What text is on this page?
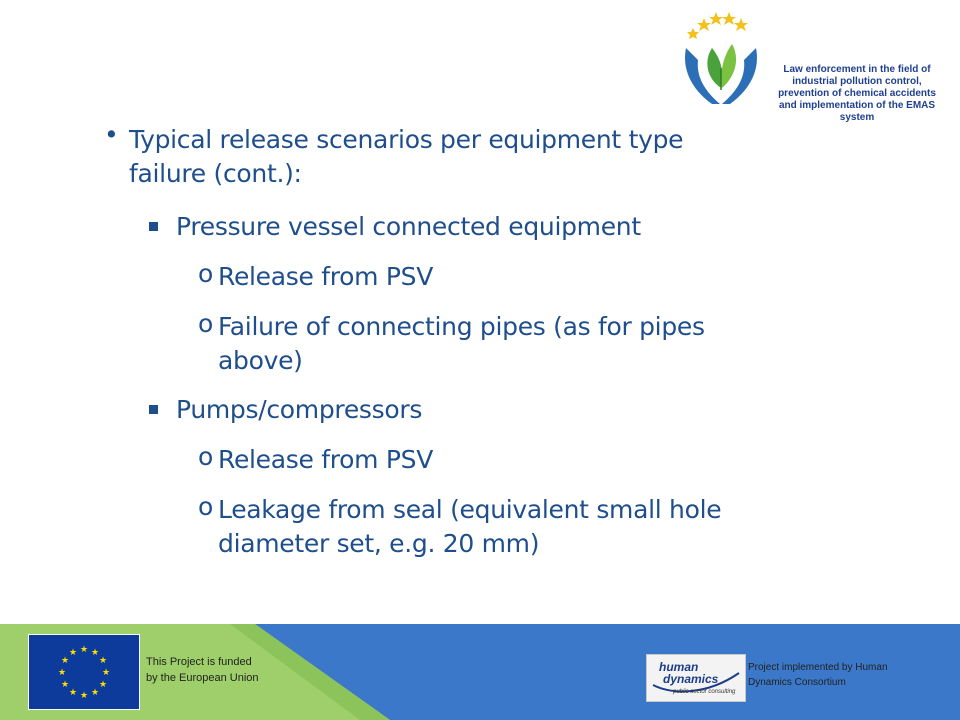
Law enforcement in the field of
industrial pollution control,
prevention of chemical accidents
and implementation of the EMAS system
• Typical release scenarios per equipment type
failure (cont.):
Pressure vessel connected equipment
o Release from PSV
o Failure of connecting pipes (as for pipes
above)
Pumps/compressors
o Release from PSV
o Leakage from seal (equivalent small hole
diameter set, e.g. 20 mm)
★ ★
★
★
★
★
★
★
★
★
★
★
This Project is funded
by the European Union
human
dynamics
public sector consulting
Project implemented by Human
Dynamics Consortium
